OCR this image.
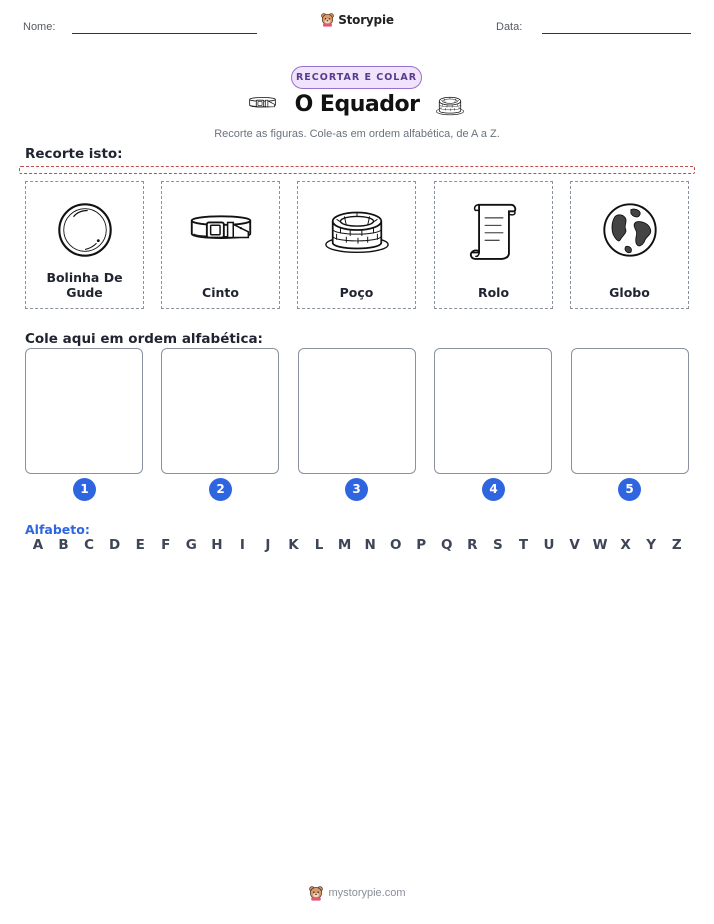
Nome:
Storypie
Data:
RECORTAR E COLAR
O Equador
Recorte as figuras. Cole-as em ordem alfabética, de A a Z.
Recorte isto:
Bolinha De Gude	Cinto	Poço	Rolo	Globo
Cole aqui em ordem alfabética:
1	2	3	4	5
Alfabeto:
A	B	C	D	E	F	G	H	I	J	K	L	M N	O	P	Q	R	S	T	U	V W X	Y	Z
mystorypie.com
